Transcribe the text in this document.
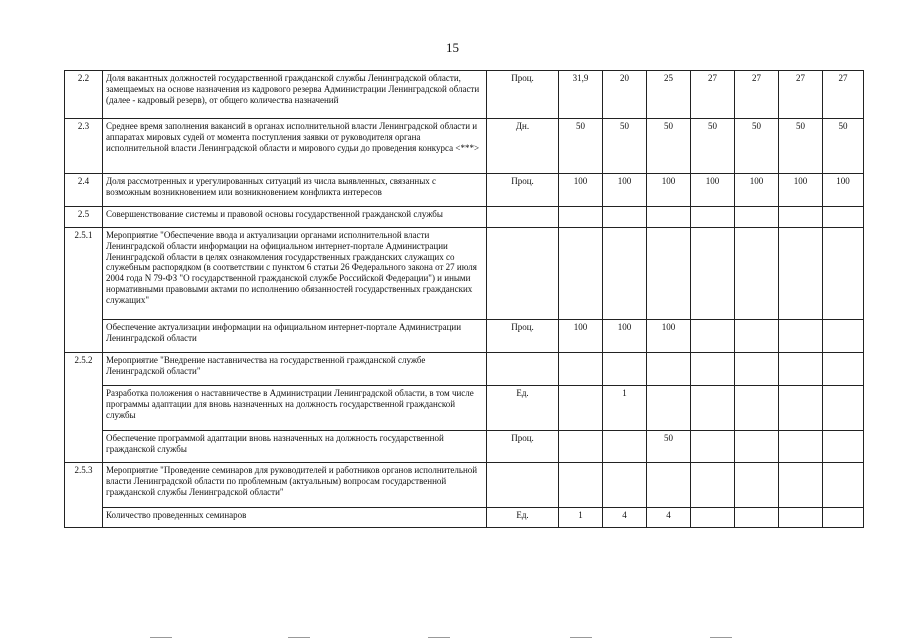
15
2.2	Доля вакантных должностей государственной гражданской службы Ленинградской области, замещаемых на основе назначения из кадрового резерва Администрации Ленинградской области (далее - кадровый резерв), от общего количества назначений	Проц.	31,9	20	25	27	27	27	27
2.3	Среднее время заполнения вакансий в органах исполнительной власти Ленинградской области и аппаратах мировых судей от момента поступления заявки от руководителя органа исполнительной власти Ленинградской области и мирового судьи до проведения конкурса <***>	Дн.	50	50	50	50	50	50	50
2.4	Доля рассмотренных и урегулированных ситуаций из числа выявленных, связанных с возможным возникновением или возникновением конфликта интересов	Проц.	100	100	100	100	100	100	100
2.5	Совершенствование системы и правовой основы государственной гражданской службы								
2.5.1	Мероприятие "Обеспечение ввода и актуализации органами исполнительной власти Ленинградской области информации на официальном интернет-портале Администрации Ленинградской области в целях ознакомления государственных гражданских служащих со служебным распорядком (в соответствии с пунктом 6 статьи 26 Федерального закона от 27 июля 2004 года N 79-ФЗ "О государственной гражданской службе Российской Федерации") и иными нормативными правовыми актами по исполнению обязанностей государственных гражданских служащих"								
	Обеспечение актуализации информации на официальном интернет-портале Администрации Ленинградской области	Проц.	100	100	100				
2.5.2	Мероприятие "Внедрение наставничества на государственной гражданской службе Ленинградской области"								
	Разработка положения о наставничестве в Администрации Ленинградской области, в том числе программы адаптации для вновь назначенных на должность государственной гражданской службы	Ед.		1					
	Обеспечение программой адаптации вновь назначенных на должность государственной гражданской службы	Проц.			50				
2.5.3	Мероприятие "Проведение семинаров для руководителей и работников органов исполнительной власти Ленинградской области по проблемным (актуальным) вопросам государственной гражданской службы Ленинградской области"								
	Количество проведенных семинаров	Ед.	1	4	4				
